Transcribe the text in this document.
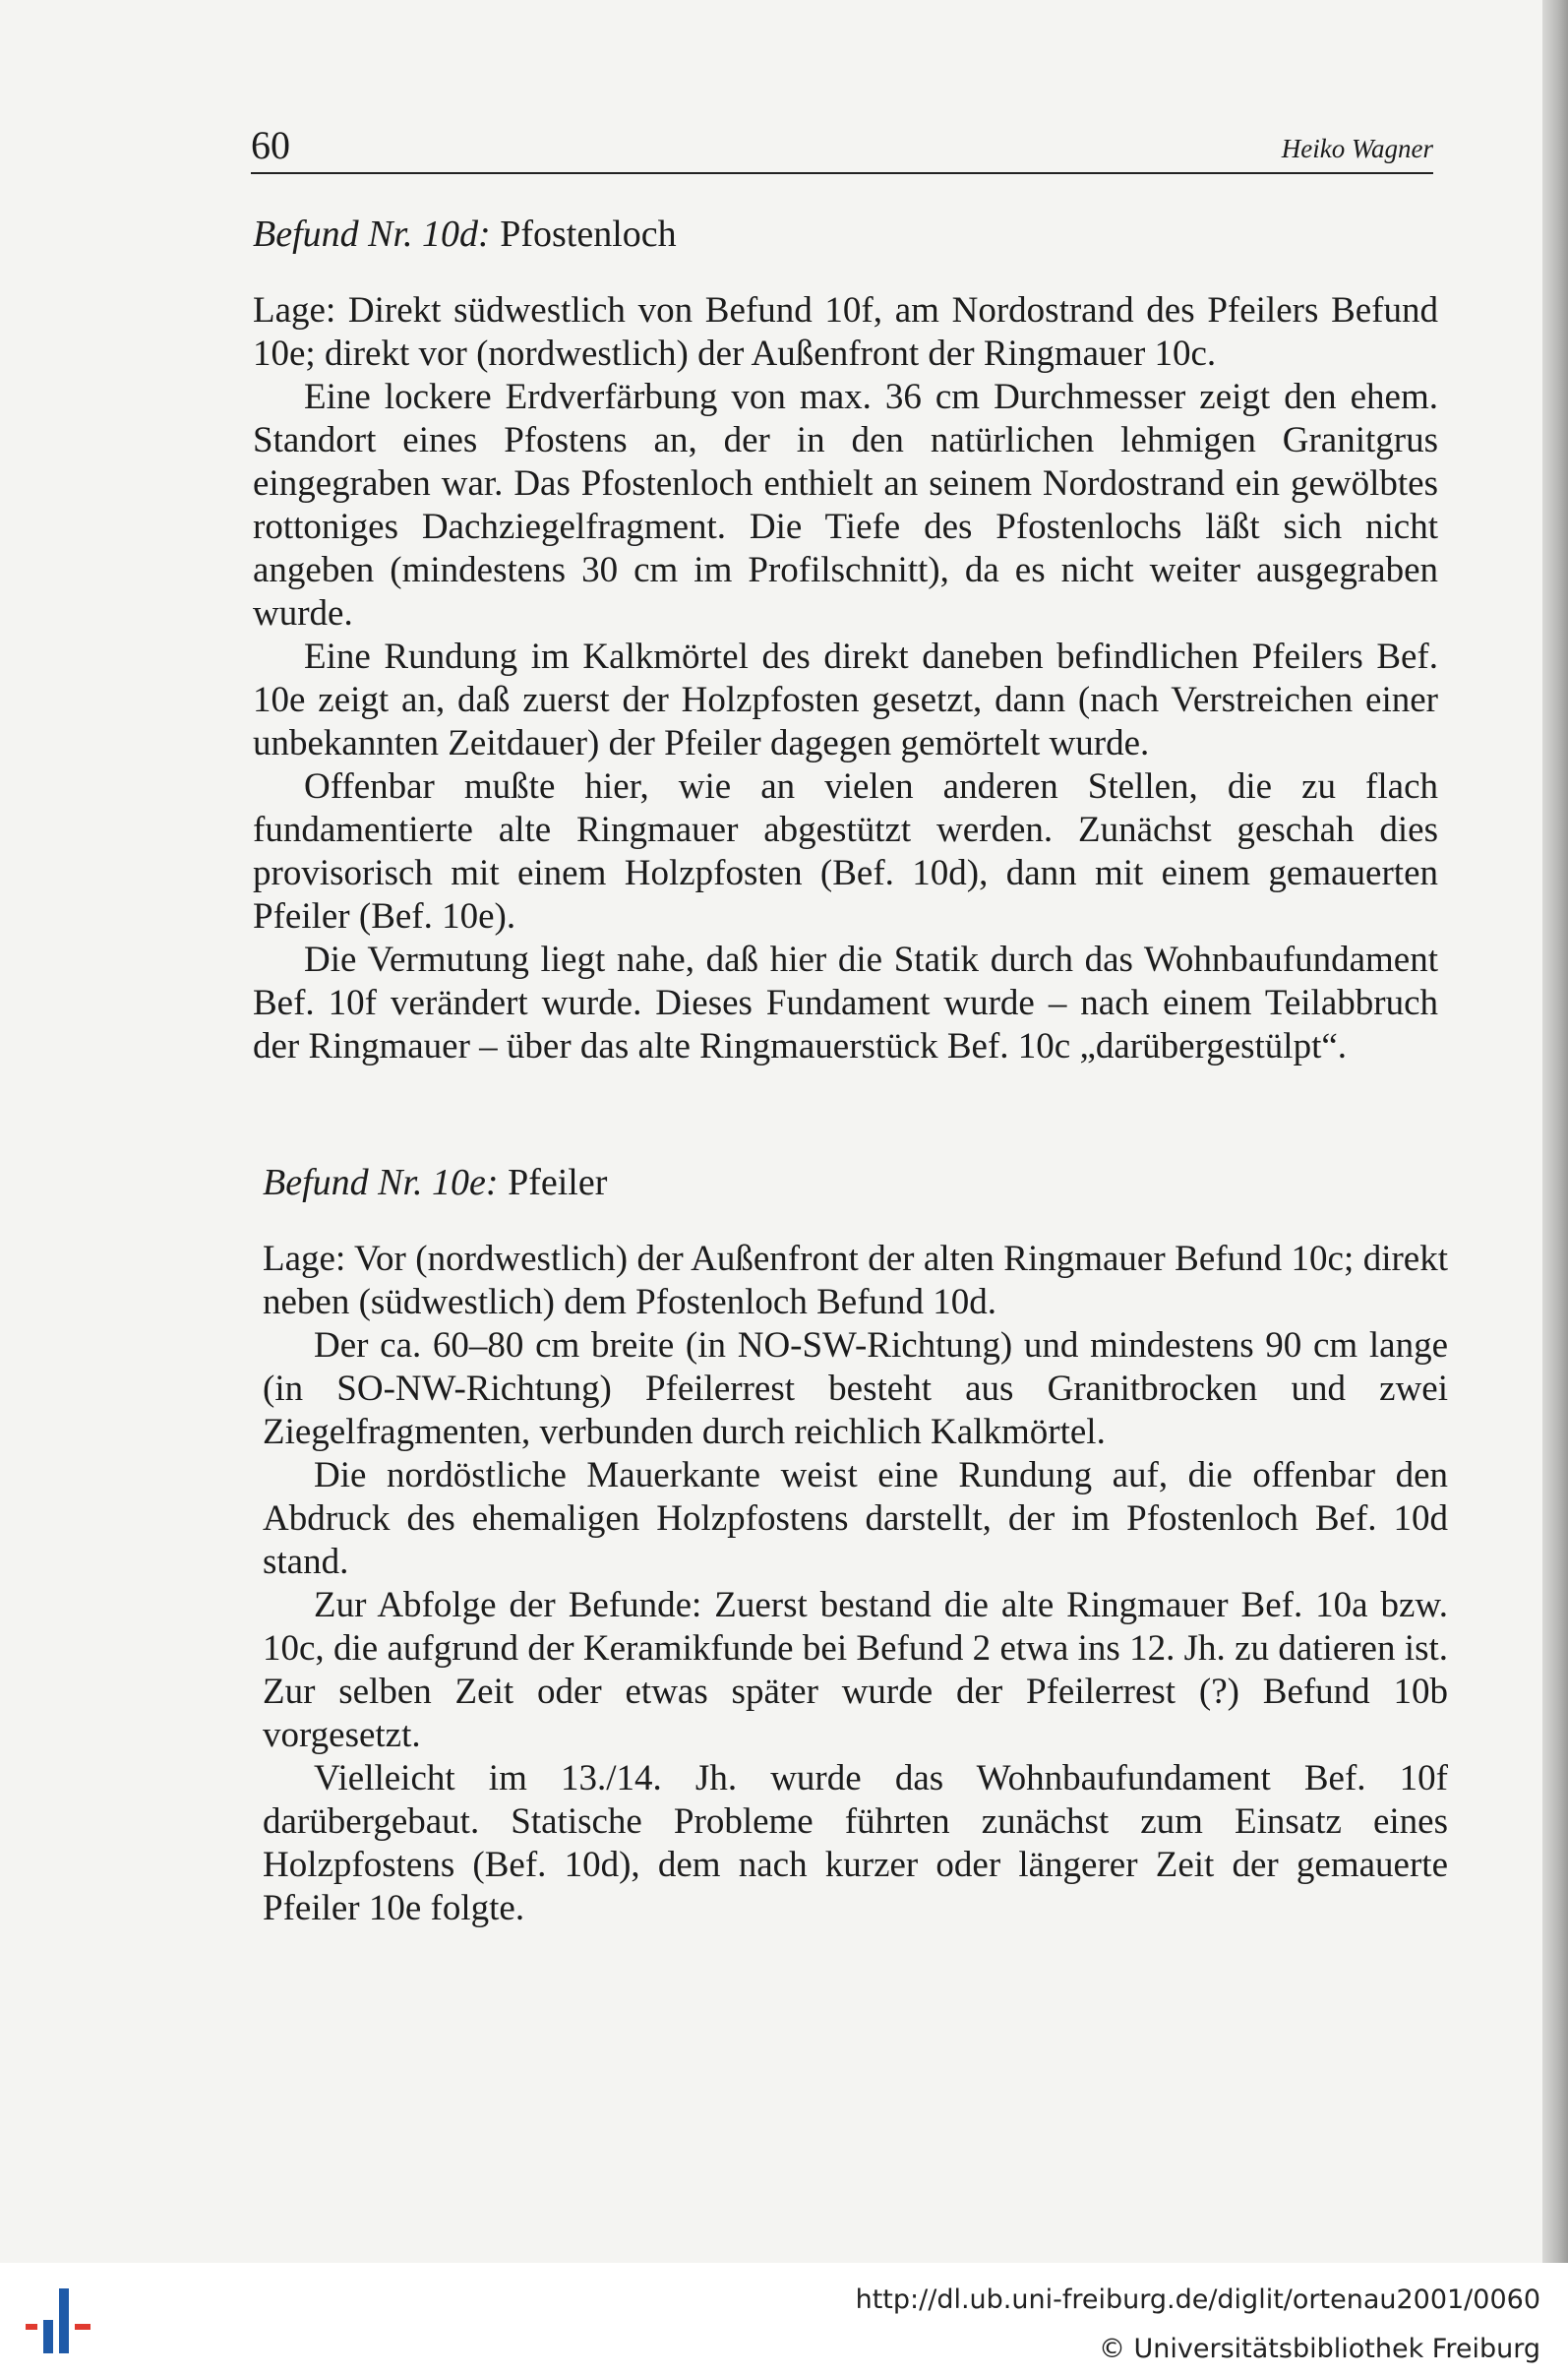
60	Heiko Wagner
Befund Nr. 10d: Pfostenloch

Lage: Direkt südwestlich von Befund 10f, am Nordostrand des Pfeilers Befund 10e; direkt vor (nordwestlich) der Außenfront der Ringmauer 10c.

Eine lockere Erdverfärbung von max. 36 cm Durchmesser zeigt den ehem. Standort eines Pfostens an, der in den natürlichen lehmigen Granitgrus eingegraben war. Das Pfostenloch enthielt an seinem Nordostrand ein gewölbtes rottoniges Dachziegelfragment. Die Tiefe des Pfostenlochs läßt sich nicht angeben (mindestens 30 cm im Profilschnitt), da es nicht weiter ausgegraben wurde.

Eine Rundung im Kalkmörtel des direkt daneben befindlichen Pfeilers Bef. 10e zeigt an, daß zuerst der Holzpfosten gesetzt, dann (nach Verstreichen einer unbekannten Zeitdauer) der Pfeiler dagegen gemörtelt wurde.

Offenbar mußte hier, wie an vielen anderen Stellen, die zu flach fundamentierte alte Ringmauer abgestützt werden. Zunächst geschah dies provisorisch mit einem Holzpfosten (Bef. 10d), dann mit einem gemauerten Pfeiler (Bef. 10e).

Die Vermutung liegt nahe, daß hier die Statik durch das Wohnbaufundament Bef. 10f verändert wurde. Dieses Fundament wurde – nach einem Teilabbruch der Ringmauer – über das alte Ringmauerstück Bef. 10c „darübergestülpt“.

Befund Nr. 10e: Pfeiler

Lage: Vor (nordwestlich) der Außenfront der alten Ringmauer Befund 10c; direkt neben (südwestlich) dem Pfostenloch Befund 10d.

Der ca. 60–80 cm breite (in NO-SW-Richtung) und mindestens 90 cm lange (in SO-NW-Richtung) Pfeilerrest besteht aus Granitbrocken und zwei Ziegelfragmenten, verbunden durch reichlich Kalkmörtel.

Die nordöstliche Mauerkante weist eine Rundung auf, die offenbar den Abdruck des ehemaligen Holzpfostens darstellt, der im Pfostenloch Bef. 10d stand.

Zur Abfolge der Befunde: Zuerst bestand die alte Ringmauer Bef. 10a bzw. 10c, die aufgrund der Keramikfunde bei Befund 2 etwa ins 12. Jh. zu datieren ist. Zur selben Zeit oder etwas später wurde der Pfeilerrest (?) Befund 10b vorgesetzt.

Vielleicht im 13./14. Jh. wurde das Wohnbaufundament Bef. 10f darübergebaut. Statische Probleme führten zunächst zum Einsatz eines Holzpfostens (Bef. 10d), dem nach kurzer oder längerer Zeit der gemauerte Pfeiler 10e folgte.

http://dl.ub.uni-freiburg.de/diglit/ortenau2001/0060
© Universitätsbibliothek Freiburg
